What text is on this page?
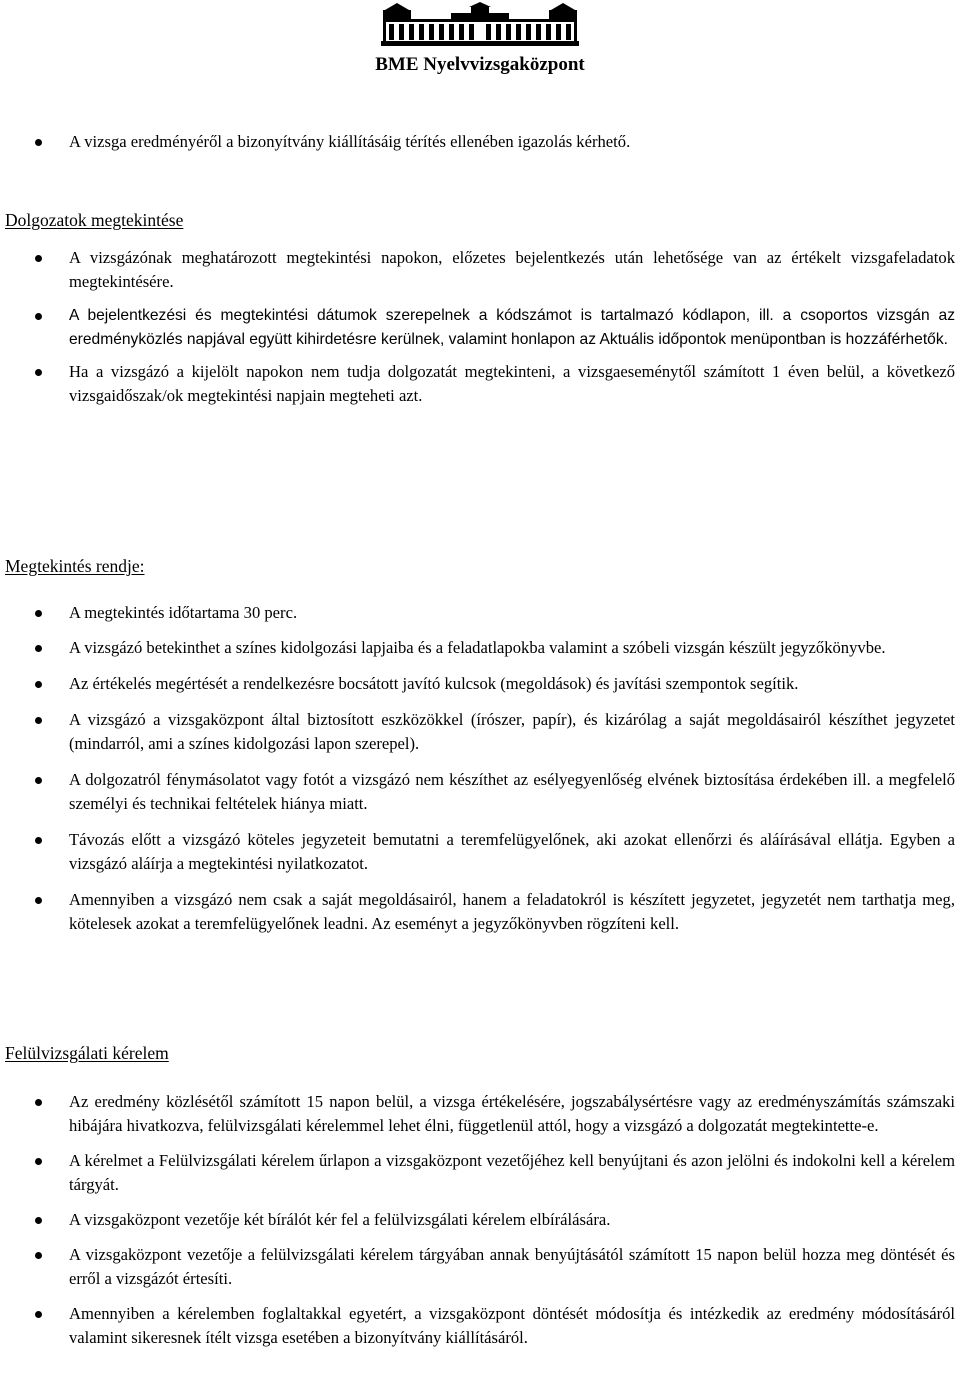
BME Nyelvvizsgaközpont
A vizsga eredményéről a bizonyítvány kiállításáig térítés ellenében igazolás kérhető.
Dolgozatok megtekintése
A vizsgázónak meghatározott megtekintési napokon, előzetes bejelentkezés után lehetősége van az értékelt vizsgafeladatok megtekintésére.
A bejelentkezési és megtekintési dátumok szerepelnek a kódszámot is tartalmazó kódlapon, ill. a csoportos vizsgán az eredményközlés napjával együtt kihirdetésre kerülnek, valamint honlapon az Aktuális időpontok menüpontban is hozzáférhetők.
Ha a vizsgázó a kijelölt napokon nem tudja dolgozatát megtekinteni, a vizsgaeseménytől számított 1 éven belül, a következő vizsgaidőszak/ok megtekintési napjain megteheti azt.
Megtekintés rendje:
A megtekintés időtartama 30 perc.
A vizsgázó betekinthet a színes kidolgozási lapjaiba és a feladatlapokba valamint a szóbeli vizsgán készült jegyzőkönyvbe.
Az értékelés megértését a rendelkezésre bocsátott javító kulcsok (megoldások) és javítási szempontok segítik.
A vizsgázó a vizsgaközpont által biztosított eszközökkel (írószer, papír), és kizárólag a saját megoldásairól készíthet jegyzetet (mindarról, ami a színes kidolgozási lapon szerepel).
A dolgozatról fénymásolatot vagy fotót a vizsgázó nem készíthet az esélyegyenlőség elvének biztosítása érdekében ill. a megfelelő személyi és technikai feltételek hiánya miatt.
Távozás előtt a vizsgázó köteles jegyzeteit bemutatni a teremfelügyelőnek, aki azokat ellenőrzi és aláírásával ellátja. Egyben a vizsgázó aláírja a megtekintési nyilatkozatot.
Amennyiben a vizsgázó nem csak a saját megoldásairól, hanem a feladatokról is készített jegyzetet, jegyzetét nem tarthatja meg, kötelesek azokat a teremfelügyelőnek leadni. Az eseményt a jegyzőkönyvben rögzíteni kell.
Felülvizsgálati kérelem
Az eredmény közlésétől számított 15 napon belül, a vizsga értékelésére, jogszabálysértésre vagy az eredményszámítás számszaki hibájára hivatkozva, felülvizsgálati kérelemmel lehet élni, függetlenül attól, hogy a vizsgázó a dolgozatát megtekintette-e.
A kérelmet a Felülvizsgálati kérelem űrlapon a vizsgaközpont vezetőjéhez kell benyújtani és azon jelölni és indokolni kell a kérelem tárgyát.
A vizsgaközpont vezetője két bírálót kér fel a felülvizsgálati kérelem elbírálására.
A vizsgaközpont vezetője a felülvizsgálati kérelem tárgyában annak benyújtásától számított 15 napon belül hozza meg döntését és erről a vizsgázót értesíti.
Amennyiben a kérelemben foglaltakkal egyetért, a vizsgaközpont döntését módosítja és intézkedik az eredmény módosításáról valamint sikeresnek ítélt vizsga esetében a bizonyítvány kiállításáról.
